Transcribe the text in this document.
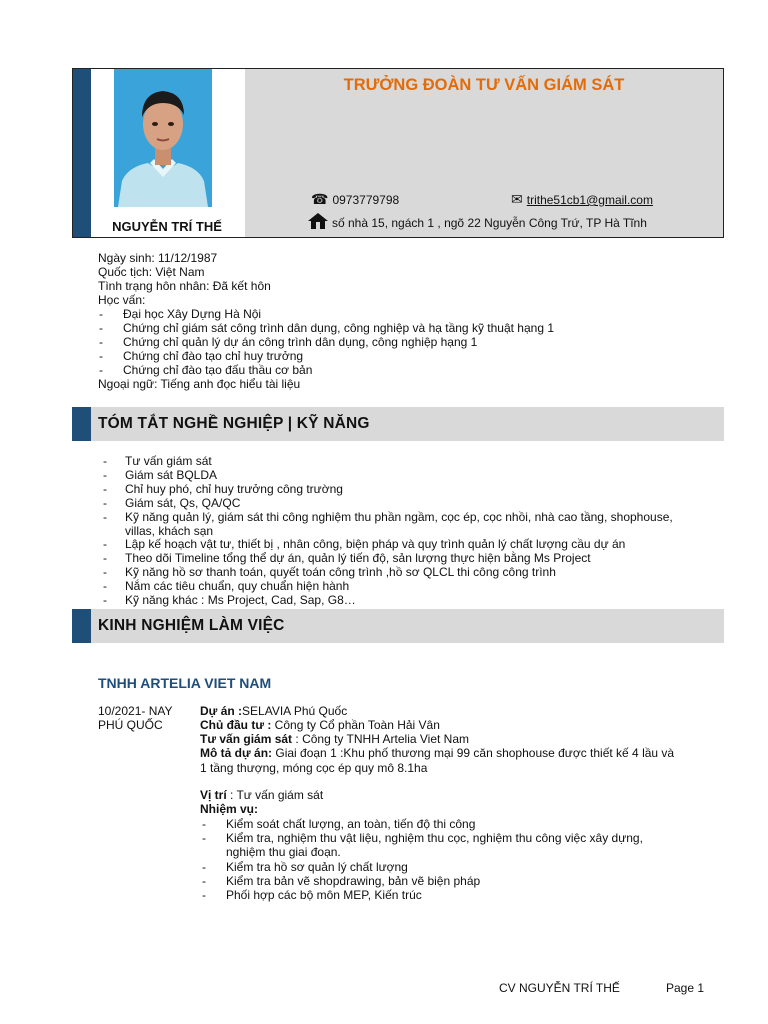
NGUYỄN TRÍ THẾ
TRƯỞNG ĐOÀN TƯ VẤN GIÁM SÁT
☎ 0973779798	✉ trithe51cb1@gmail.com
số nhà 15, ngách 1 , ngõ 22 Nguyễn Công Trứ, TP Hà Tĩnh
Ngày sinh: 11/12/1987
Quốc tịch: Việt Nam
Tình trạng hôn nhân: Đã kết hôn
Học vấn:
- Đại học Xây Dựng Hà Nội
- Chứng chỉ giám sát công trình dân dụng, công nghiệp và hạ tầng kỹ thuật hạng 1
- Chứng chỉ quản lý dự án công trình dân dụng, công nghiệp hạng 1
- Chứng chỉ đào tạo chỉ huy trưởng
- Chứng chỉ đào tạo đấu thầu cơ bản
Ngoại ngữ: Tiếng anh đọc hiểu tài liệu
TÓM TẮT NGHỀ NGHIỆP | KỸ NĂNG
- Tư vấn giám sát
- Giám sát BQLDA
- Chỉ huy phó, chỉ huy trưởng công trường
- Giám sát, Qs, QA/QC
- Kỹ năng quản lý, giám sát thi công nghiệm thu phần ngầm, cọc ép, cọc nhồi, nhà cao tầng, shophouse,
villas, khách sạn
- Lập kế hoạch vật tư, thiết bị , nhân công, biện pháp và quy trình quản lý chất lượng cầu dự án
- Theo dõi Timeline tổng thể dự án, quản lý tiến độ, sản lượng thực hiện bằng Ms Project
- Kỹ năng hồ sơ thanh toán, quyết toán công trình ,hồ sơ QLCL thi công công trình
- Nắm các tiêu chuẩn, quy chuẩn hiện hành
- Kỹ năng khác : Ms Project, Cad, Sap, G8…
KINH NGHIỆM LÀM VIỆC
TNHH ARTELIA VIET NAM
10/2021- NAY
PHÚ QUỐC
Dự án :SELAVIA Phú Quốc
Chủ đầu tư : Công ty Cổ phần Toàn Hải Vân
Tư vấn giám sát : Công ty TNHH Artelia Viet Nam
Mô tả dự án: Giai đoạn 1 :Khu phố thương mại 99 căn shophouse được thiết kế 4 lầu và
1 tầng thượng, móng cọc ép quy mô 8.1ha
Vị trí : Tư vấn giám sát
Nhiệm vụ:
- Kiểm soát chất lượng, an toàn, tiến độ thi công
- Kiểm tra, nghiệm thu vật liệu, nghiệm thu cọc, nghiệm thu công việc xây dựng,
nghiệm thu giai đoạn.
- Kiểm tra hồ sơ quản lý chất lượng
- Kiểm tra bản vẽ shopdrawing, bản vẽ biện pháp
- Phối hợp các bộ môn MEP, Kiến trúc
CV NGUYỄN TRÍ THẾ	Page 1
